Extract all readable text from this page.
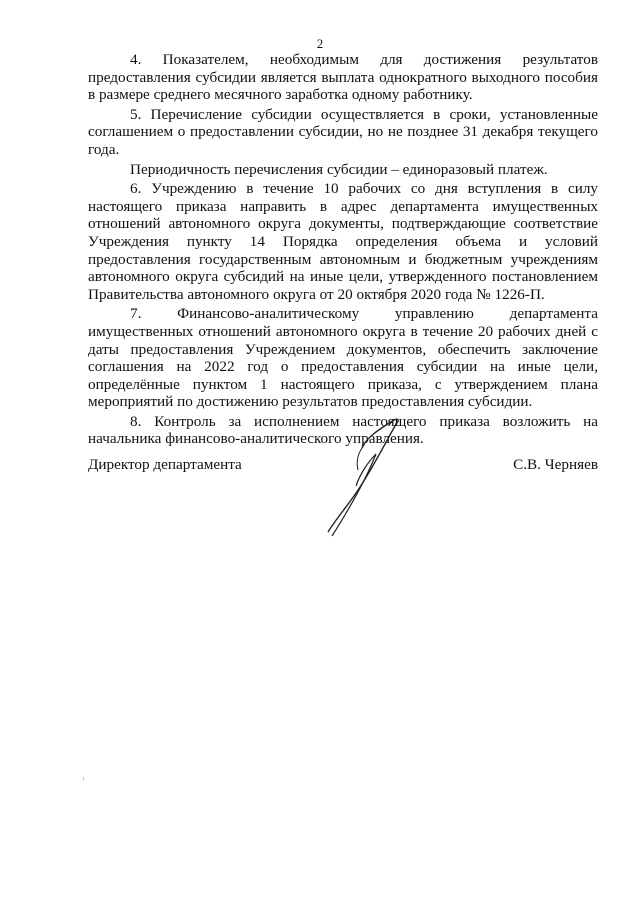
2

4. Показателем, необходимым для достижения результатов предоставления субсидии является выплата однократного выходного пособия в размере среднего месячного заработка одному работнику.

5. Перечисление субсидии осуществляется в сроки, установленные соглашением о предоставлении субсидии, но не позднее 31 декабря текущего года.

Периодичность перечисления субсидии – единоразовый платеж.

6. Учреждению в течение 10 рабочих со дня вступления в силу настоящего приказа направить в адрес департамента имущественных отношений автономного округа документы, подтверждающие соответствие Учреждения пункту 14 Порядка определения объема и условий предоставления государственным автономным и бюджетным учреждениям автономного округа субсидий на иные цели, утвержденного постановлением Правительства автономного округа от 20 октября 2020 года № 1226-П.

7. Финансово-аналитическому управлению департамента имущественных отношений автономного округа в течение 20 рабочих дней с даты предоставления Учреждением документов, обеспечить заключение соглашения на 2022 год о предоставления субсидии на иные цели, определённые пунктом 1 настоящего приказа, с утверждением плана мероприятий по достижению результатов предоставления субсидии.

8. Контроль за исполнением настоящего приказа возложить на начальника финансово-аналитического управления.

Директор департамента	С.В. Черняев
